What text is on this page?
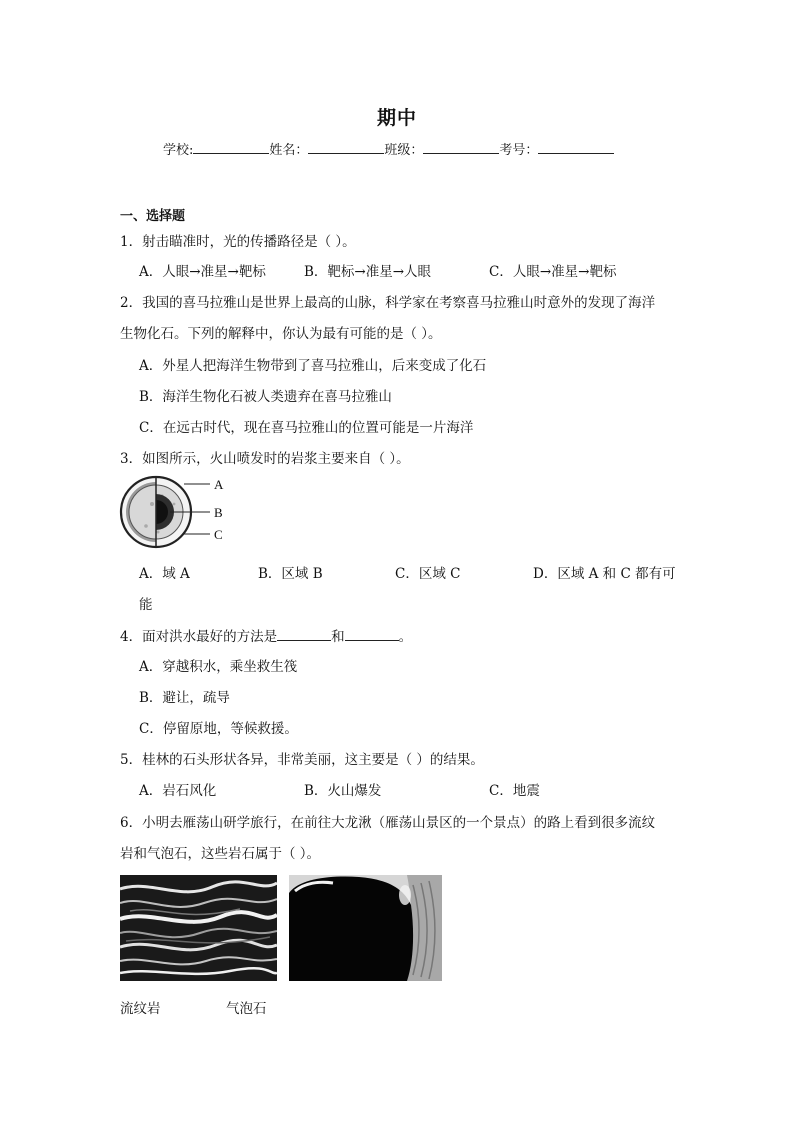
期中
学校:	姓名：	班级：	考号：
一、选择题
1．射击瞄准时，光的传播路径是（ ）。
A．人眼→准星→靶标	B．靶标→准星→人眼	C．人眼→准星→靶标
2．我国的喜马拉雅山是世界上最高的山脉，科学家在考察喜马拉雅山时意外的发现了海洋
生物化石。下列的解释中，你认为最有可能的是（ ）。
A．外星人把海洋生物带到了喜马拉雅山，后来变成了化石
B．海洋生物化石被人类遗弃在喜马拉雅山
C．在远古时代，现在喜马拉雅山的位置可能是一片海洋
3．如图所示，火山喷发时的岩浆主要来自（ ）。
A
B
C
A．域 A	B．区域 B	C．区域 C	D．区域 A 和 C 都有可
能
4．面对洪水最好的方法是	和	。
A．穿越积水，乘坐救生筏
B．避让，疏导
C．停留原地，等候救援。
5．桂林的石头形状各异，非常美丽，这主要是（ ）的结果。
A．岩石风化	B．火山爆发	C．地震
6．小明去雁荡山研学旅行，在前往大龙湫（雁荡山景区的一个景点）的路上看到很多流纹
岩和气泡石，这些岩石属于（ ）。
流纹岩	气泡石
